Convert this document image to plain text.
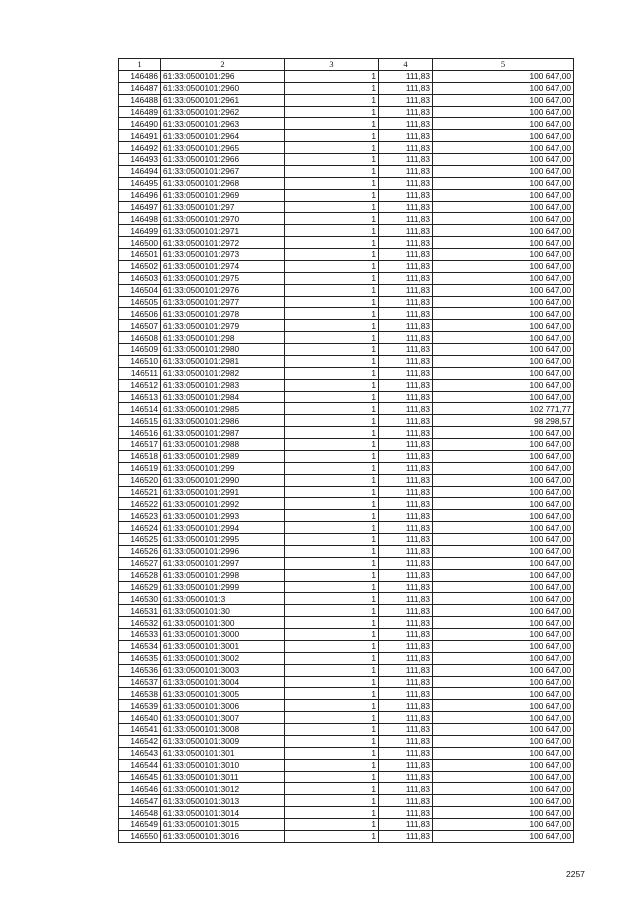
1	2	3	4	5
146486	61:33:0500101:296	1	111,83	100 647,00
146487	61:33:0500101:2960	1	111,83	100 647,00
146488	61:33:0500101:2961	1	111,83	100 647,00
146489	61:33:0500101:2962	1	111,83	100 647,00
146490	61:33:0500101:2963	1	111,83	100 647,00
146491	61:33:0500101:2964	1	111,83	100 647,00
146492	61:33:0500101:2965	1	111,83	100 647,00
146493	61:33:0500101:2966	1	111,83	100 647,00
146494	61:33:0500101:2967	1	111,83	100 647,00
146495	61:33:0500101:2968	1	111,83	100 647,00
146496	61:33:0500101:2969	1	111,83	100 647,00
146497	61:33:0500101:297	1	111,83	100 647,00
146498	61:33:0500101:2970	1	111,83	100 647,00
146499	61:33:0500101:2971	1	111,83	100 647,00
146500	61:33:0500101:2972	1	111,83	100 647,00
146501	61:33:0500101:2973	1	111,83	100 647,00
146502	61:33:0500101:2974	1	111,83	100 647,00
146503	61:33:0500101:2975	1	111,83	100 647,00
146504	61:33:0500101:2976	1	111,83	100 647,00
146505	61:33:0500101:2977	1	111,83	100 647,00
146506	61:33:0500101:2978	1	111,83	100 647,00
146507	61:33:0500101:2979	1	111,83	100 647,00
146508	61:33:0500101:298	1	111,83	100 647,00
146509	61:33:0500101:2980	1	111,83	100 647,00
146510	61:33:0500101:2981	1	111,83	100 647,00
146511	61:33:0500101:2982	1	111,83	100 647,00
146512	61:33:0500101:2983	1	111,83	100 647,00
146513	61:33:0500101:2984	1	111,83	100 647,00
146514	61:33:0500101:2985	1	111,83	102 771,77
146515	61:33:0500101:2986	1	111,83	98 298,57
146516	61:33:0500101:2987	1	111,83	100 647,00
146517	61:33:0500101:2988	1	111,83	100 647,00
146518	61:33:0500101:2989	1	111,83	100 647,00
146519	61:33:0500101:299	1	111,83	100 647,00
146520	61:33:0500101:2990	1	111,83	100 647,00
146521	61:33:0500101:2991	1	111,83	100 647,00
146522	61:33:0500101:2992	1	111,83	100 647,00
146523	61:33:0500101:2993	1	111,83	100 647,00
146524	61:33:0500101:2994	1	111,83	100 647,00
146525	61:33:0500101:2995	1	111,83	100 647,00
146526	61:33:0500101:2996	1	111,83	100 647,00
146527	61:33:0500101:2997	1	111,83	100 647,00
146528	61:33:0500101:2998	1	111,83	100 647,00
146529	61:33:0500101:2999	1	111,83	100 647,00
146530	61:33:0500101:3	1	111,83	100 647,00
146531	61:33:0500101:30	1	111,83	100 647,00
146532	61:33:0500101:300	1	111,83	100 647,00
146533	61:33:0500101:3000	1	111,83	100 647,00
146534	61:33:0500101:3001	1	111,83	100 647,00
146535	61:33:0500101:3002	1	111,83	100 647,00
146536	61:33:0500101:3003	1	111,83	100 647,00
146537	61:33:0500101:3004	1	111,83	100 647,00
146538	61:33:0500101:3005	1	111,83	100 647,00
146539	61:33:0500101:3006	1	111,83	100 647,00
146540	61:33:0500101:3007	1	111,83	100 647,00
146541	61:33:0500101:3008	1	111,83	100 647,00
146542	61:33:0500101:3009	1	111,83	100 647,00
146543	61:33:0500101:301	1	111,83	100 647,00
146544	61:33:0500101:3010	1	111,83	100 647,00
146545	61:33:0500101:3011	1	111,83	100 647,00
146546	61:33:0500101:3012	1	111,83	100 647,00
146547	61:33:0500101:3013	1	111,83	100 647,00
146548	61:33:0500101:3014	1	111,83	100 647,00
146549	61:33:0500101:3015	1	111,83	100 647,00
146550	61:33:0500101:3016	1	111,83	100 647,00
2257
